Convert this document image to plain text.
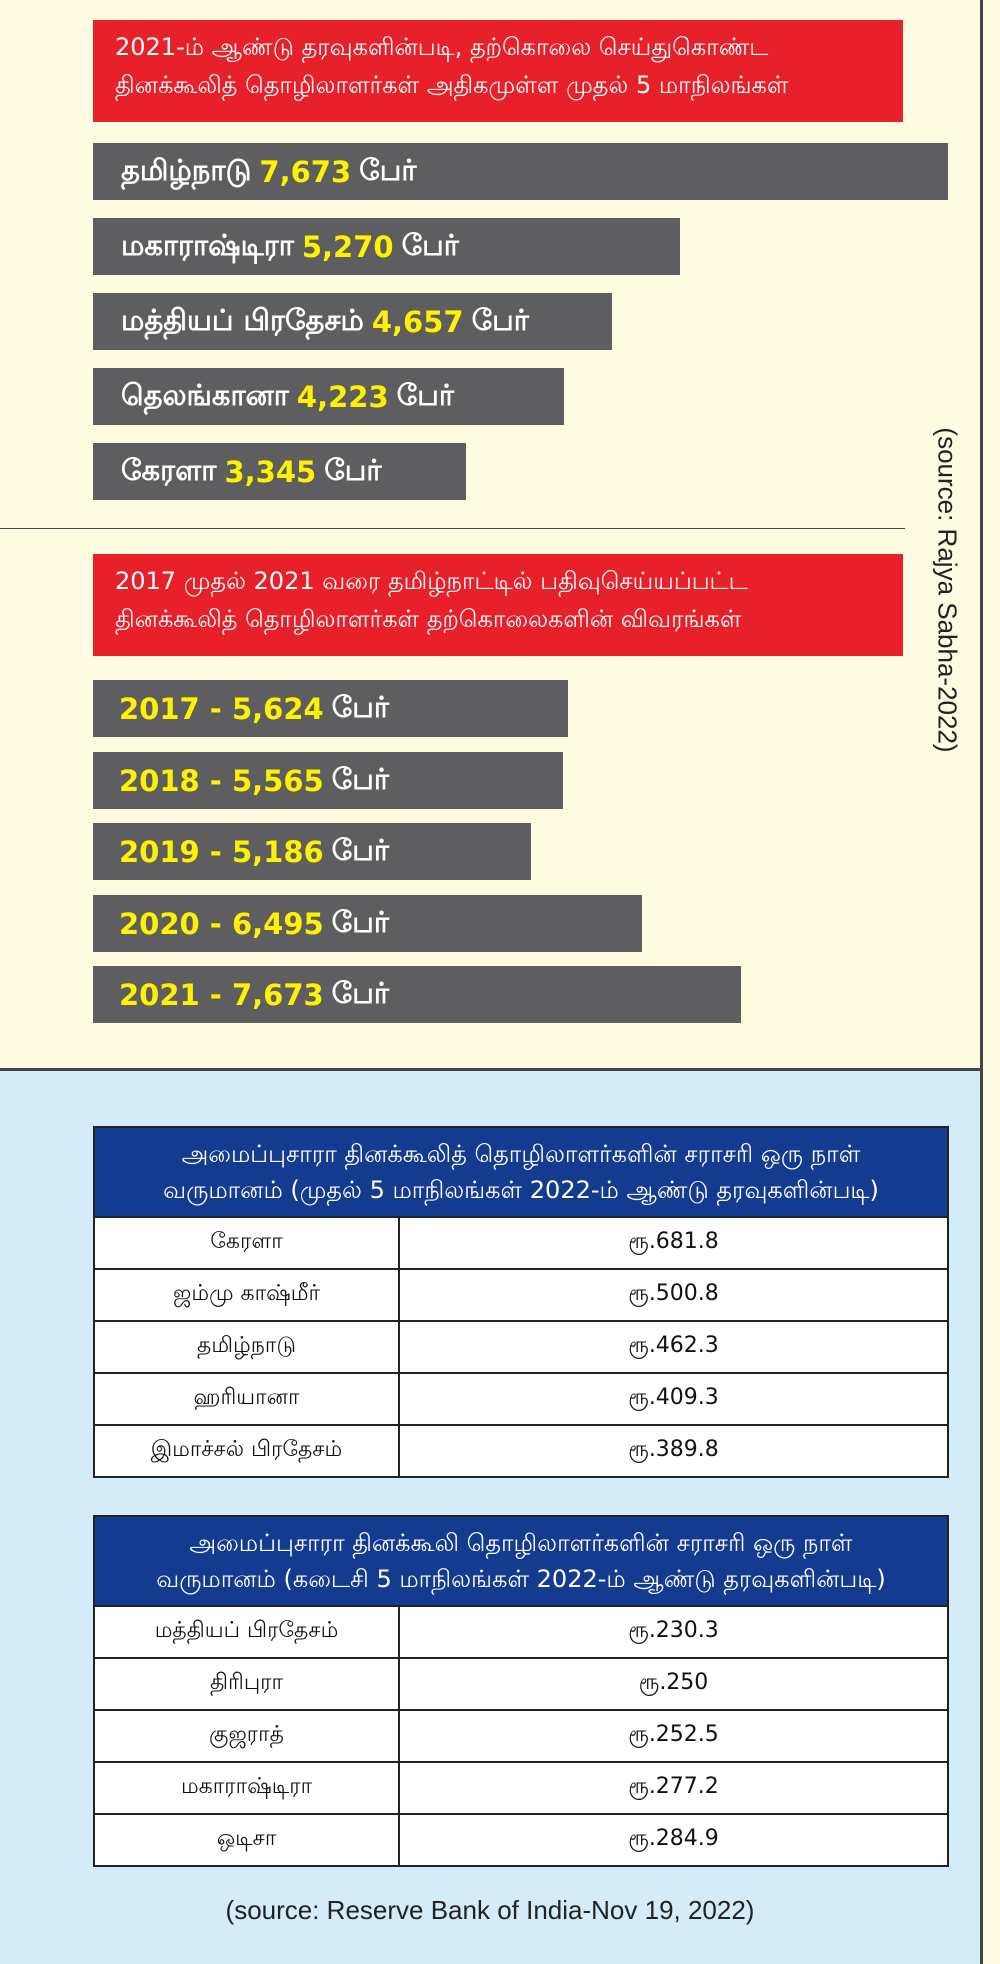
2021-ம் ஆண்டு தரவுகளின்படி, தற்கொலை செய்துகொண்ட
தினக்கூலித் தொழிலாளர்கள் அதிகமுள்ள முதல் 5 மாநிலங்கள்
தமிழ்நாடு 7,673 பேர்
மகாராஷ்டிரா 5,270 பேர்
மத்தியப் பிரதேசம் 4,657 பேர்
தெலங்கானா 4,223 பேர்
கேரளா 3,345 பேர்
2017 முதல் 2021 வரை தமிழ்நாட்டில் பதிவுசெய்யப்பட்ட
தினக்கூலித் தொழிலாளர்கள் தற்கொலைகளின் விவரங்கள்
2017 - 5,624 பேர்
2018 - 5,565 பேர்
2019 - 5,186 பேர்
2020 - 6,495 பேர்
2021 - 7,673 பேர்
(source: Rajya Sabha-2022)
அமைப்புசாரா தினக்கூலித் தொழிலாளர்களின் சராசரி ஒரு நாள்
வருமானம் (முதல் 5 மாநிலங்கள் 2022-ம் ஆண்டு தரவுகளின்படி)	

கேரளா	ரூ.681.8
ஜம்மு காஷ்மீர்	ரூ.500.8
தமிழ்நாடு	ரூ.462.3
ஹரியானா	ரூ.409.3
இமாச்சல் பிரதேசம்	ரூ.389.8
அமைப்புசாரா தினக்கூலி தொழிலாளர்களின் சராசரி ஒரு நாள்
வருமானம் (கடைசி 5 மாநிலங்கள் 2022-ம் ஆண்டு தரவுகளின்படி)	

மத்தியப் பிரதேசம்	ரூ.230.3
திரிபுரா	ரூ.250
குஜராத்	ரூ.252.5
மகாராஷ்டிரா	ரூ.277.2
ஒடிசா	ரூ.284.9
(source: Reserve Bank of India-Nov 19, 2022)
